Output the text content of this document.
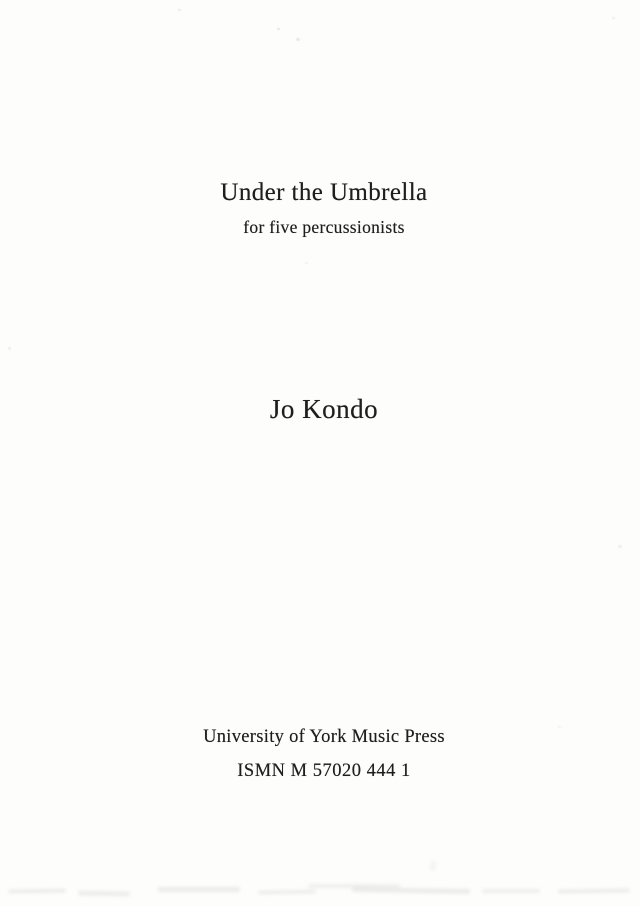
Under the Umbrella
for five percussionists
Jo Kondo
University of York Music Press
ISMN M 57020 444 1
